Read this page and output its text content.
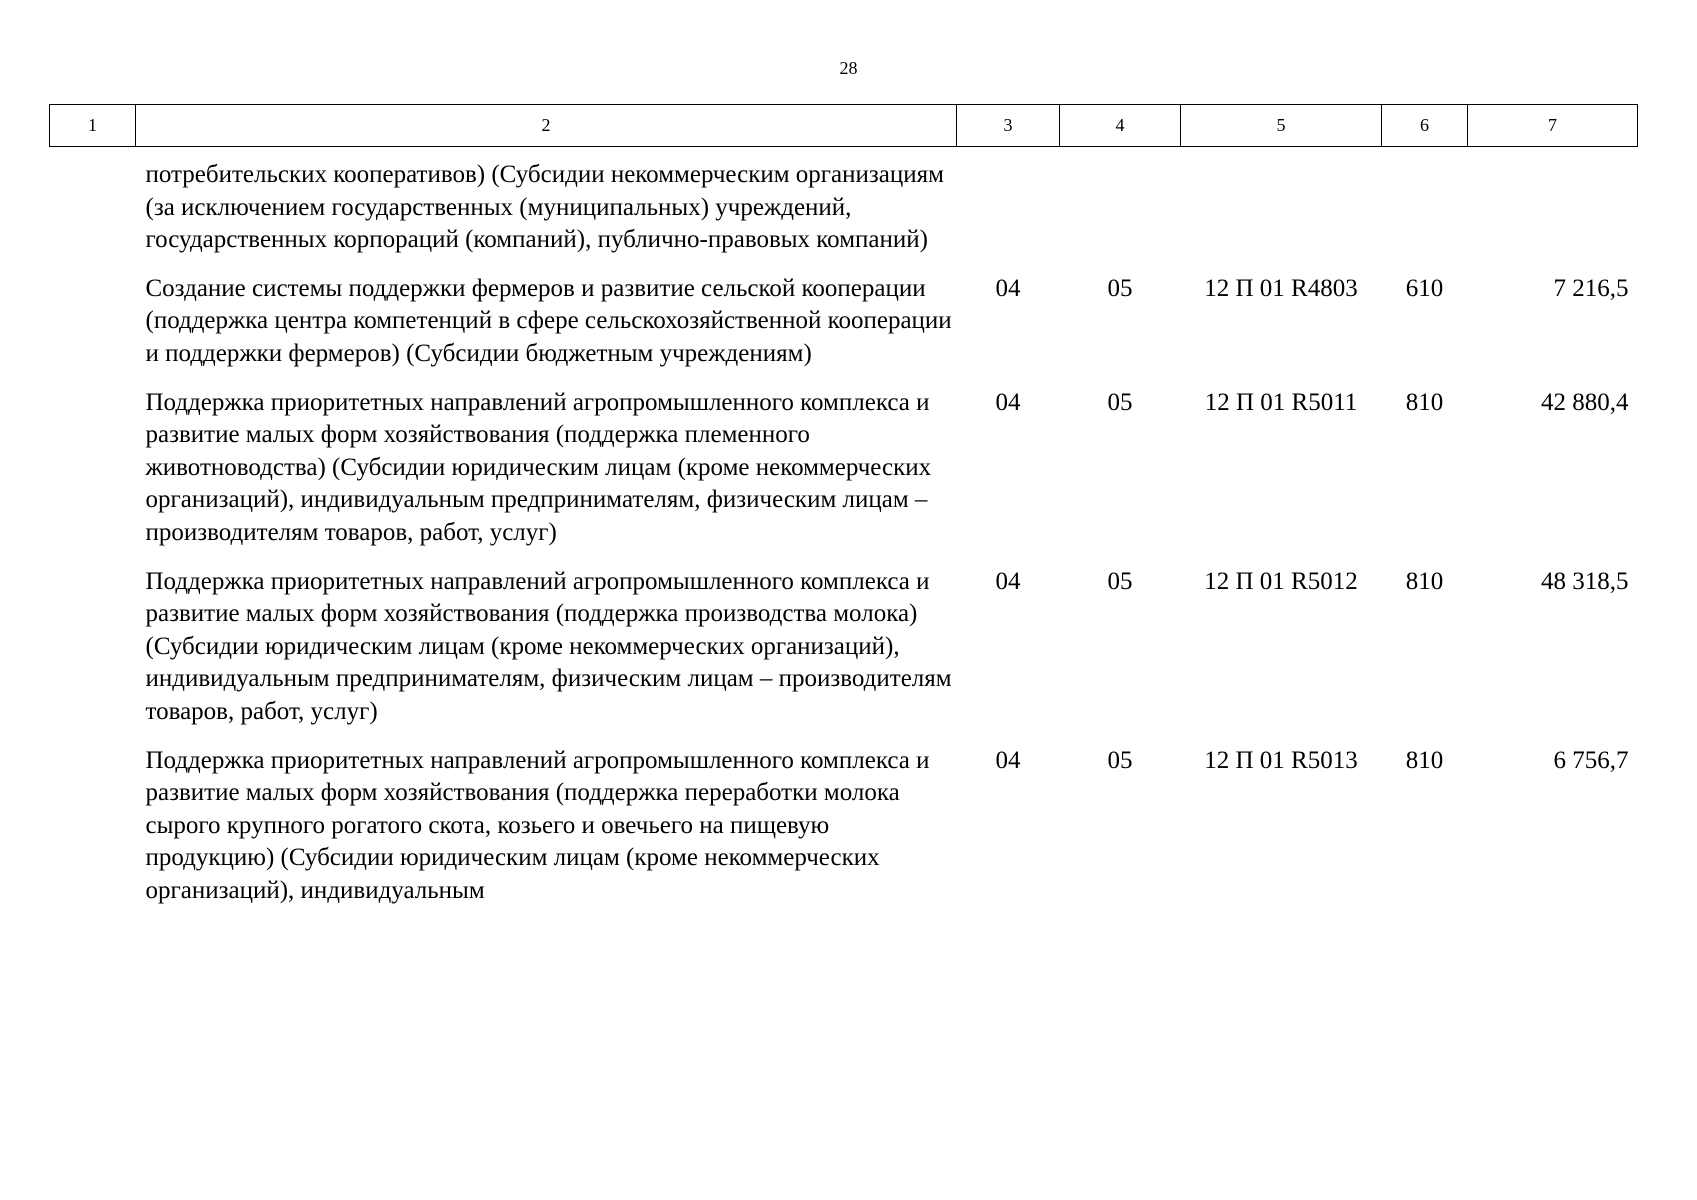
28
1	2	3	4	5	6	7
	потребительских кооперативов) (Субсидии некоммерческим организациям (за исключением государственных (муниципальных) учреждений, государственных корпораций (компаний), публично-правовых компаний)					
	Создание системы поддержки фермеров и развитие сельской кооперации (поддержка центра компетенций в сфере сельскохозяйственной кооперации и поддержки фермеров) (Субсидии бюджетным учреждениям)	04	05	12 П 01 R4803	610	7 216,5
	Поддержка приоритетных направлений агропромышленного комплекса и развитие малых форм хозяйствования (поддержка племенного животноводства) (Субсидии юридическим лицам (кроме некоммерческих организаций), индивидуальным предпринимателям, физическим лицам – производителям товаров, работ, услуг)	04	05	12 П 01 R5011	810	42 880,4
	Поддержка приоритетных направлений агропромышленного комплекса и развитие малых форм хозяйствования (поддержка производства молока) (Субсидии юридическим лицам (кроме некоммерческих организаций), индивидуальным предпринимателям, физическим лицам – производителям товаров, работ, услуг)	04	05	12 П 01 R5012	810	48 318,5
	Поддержка приоритетных направлений агропромышленного комплекса и развитие малых форм хозяйствования (поддержка переработки молока сырого крупного рогатого скота, козьего и овечьего на пищевую продукцию) (Субсидии юридическим лицам (кроме некоммерческих организаций), индивидуальным	04	05	12 П 01 R5013	810	6 756,7
